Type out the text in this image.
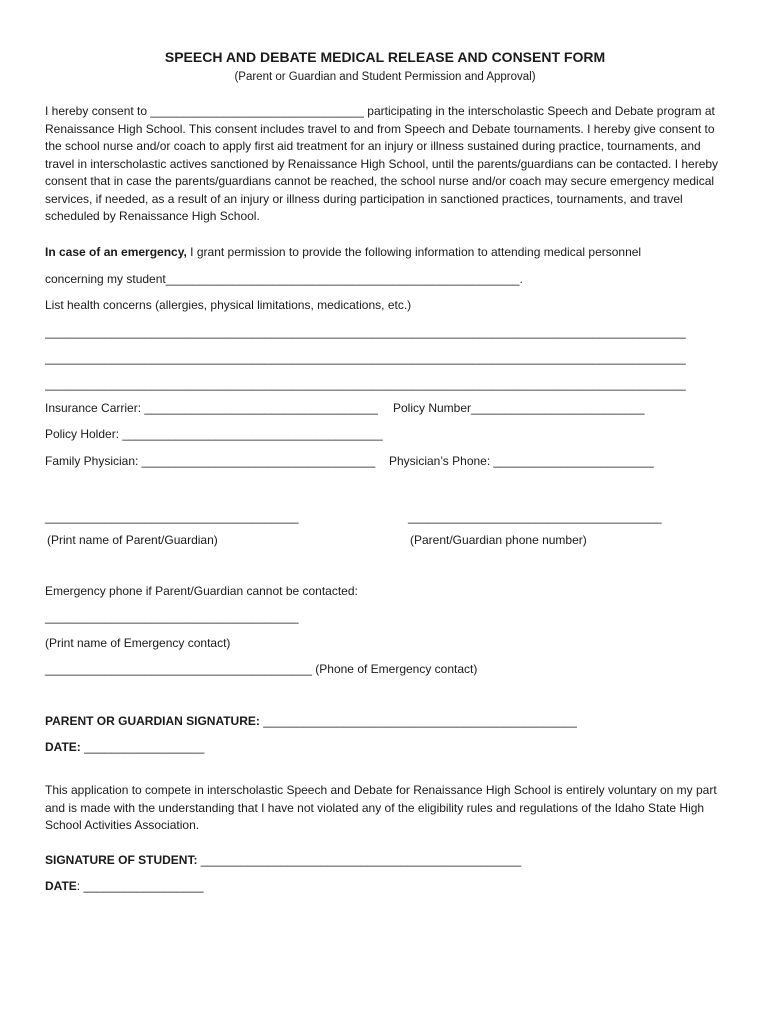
SPEECH AND DEBATE MEDICAL RELEASE AND CONSENT FORM
(Parent or Guardian and Student Permission and Approval)
I hereby consent to ________________________________ participating in the interscholastic Speech and Debate program at Renaissance High School. This consent includes travel to and from Speech and Debate tournaments. I hereby give consent to the school nurse and/or coach to apply first aid treatment for an injury or illness sustained during practice, tournaments, and travel in interscholastic actives sanctioned by Renaissance High School, until the parents/guardians can be contacted. I hereby consent that in case the parents/guardians cannot be reached, the school nurse and/or coach may secure emergency medical services, if needed, as a result of an injury or illness during participation in sanctioned practices, tournaments, and travel scheduled by Renaissance High School.
In case of an emergency, I grant permission to provide the following information to attending medical personnel
concerning my student_____________________________________________________.
List health concerns (allergies, physical limitations, medications, etc.)
________________________________________________________________________________________________
________________________________________________________________________________________________
________________________________________________________________________________________________
Insurance Carrier: ___________________________________ Policy Number__________________________
Policy Holder: _______________________________________
Family Physician: ___________________________________ Physician’s Phone: ________________________
______________________________________	______________________________________
(Print name of Parent/Guardian)	(Parent/Guardian phone number)
Emergency phone if Parent/Guardian cannot be contacted:
______________________________________
(Print name of Emergency contact)
________________________________________ (Phone of Emergency contact)
PARENT OR GUARDIAN SIGNATURE: _______________________________________________
DATE: __________________
This application to compete in interscholastic Speech and Debate for Renaissance High School is entirely voluntary on my part and is made with the understanding that I have not violated any of the eligibility rules and regulations of the Idaho State High School Activities Association.
SIGNATURE OF STUDENT: ________________________________________________
DATE: __________________
